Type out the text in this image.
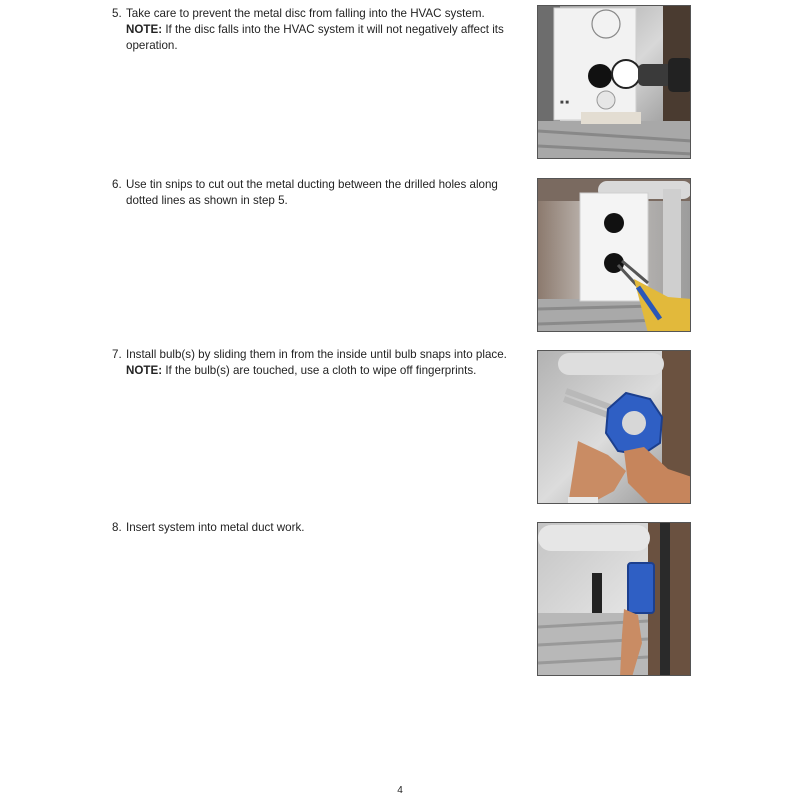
5. Take care to prevent the metal disc from falling into the HVAC system.
NOTE: If the disc falls into the HVAC system it will not negatively affect its operation.
■ ■
6. Use tin snips to cut out the metal ducting between the drilled holes along dotted lines as shown in step 5.
7. Install bulb(s) by sliding them in from the inside until bulb snaps into place. NOTE: If the bulb(s) are touched, use a cloth to wipe off fingerprints.
8. Insert system into metal duct work.
4
